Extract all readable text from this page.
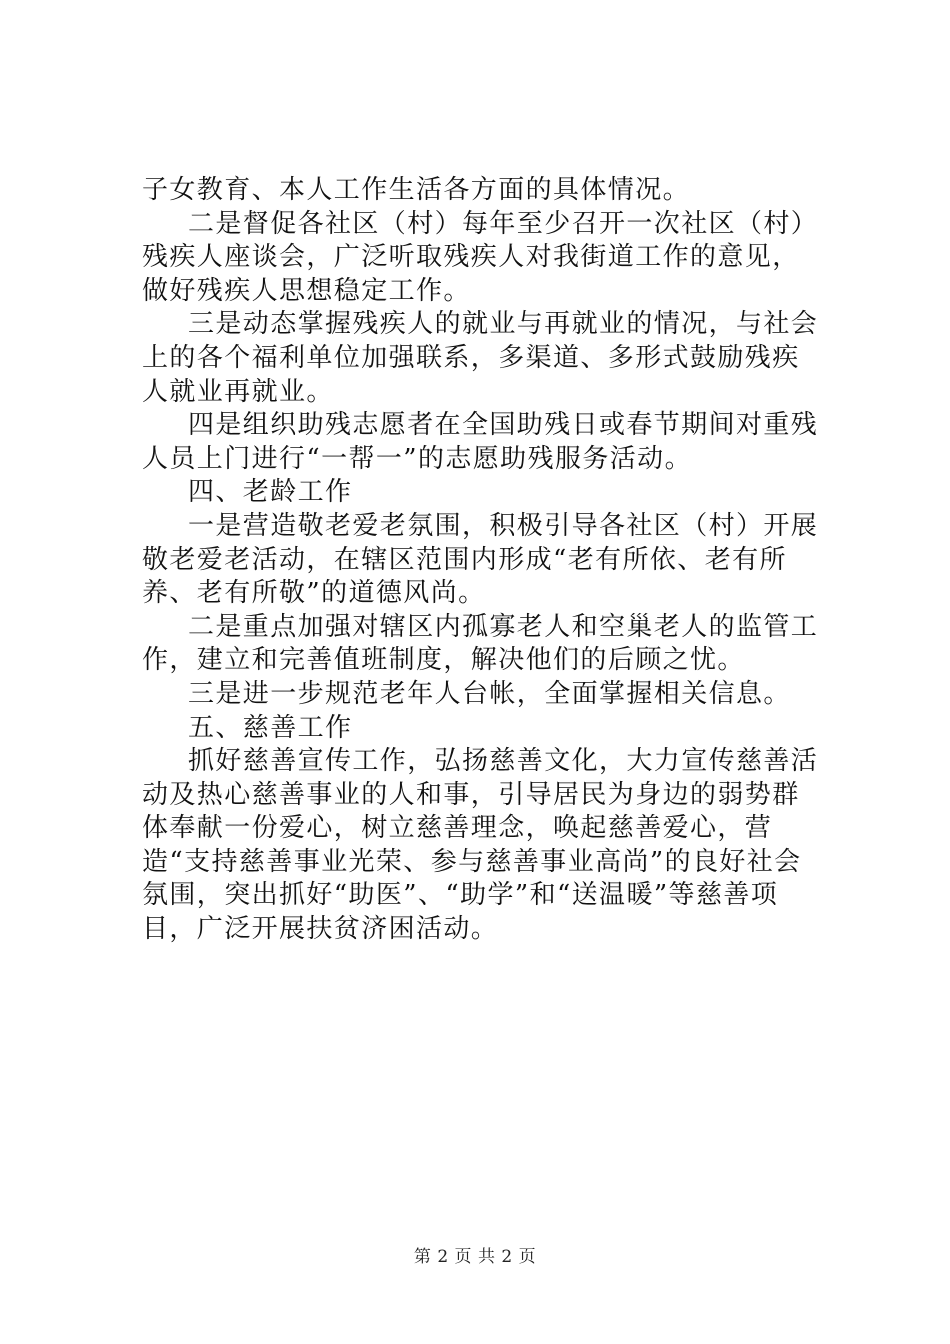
子女教育、本人工作生活各方面的具体情况。

二是督促各社区（村）每年至少召开一次社区（村）残疾人座谈会，广泛听取残疾人对我街道工作的意见，做好残疾人思想稳定工作。

三是动态掌握残疾人的就业与再就业的情况，与社会上的各个福利单位加强联系，多渠道、多形式鼓励残疾人就业再就业。

四是组织助残志愿者在全国助残日或春节期间对重残人员上门进行“一帮一”的志愿助残服务活动。

四、老龄工作

一是营造敬老爱老氛围，积极引导各社区（村）开展敬老爱老活动，在辖区范围内形成“老有所依、老有所养、老有所敬”的道德风尚。

二是重点加强对辖区内孤寡老人和空巢老人的监管工作，建立和完善值班制度，解决他们的后顾之忧。

三是进一步规范老年人台帐，全面掌握相关信息。

五、慈善工作

抓好慈善宣传工作，弘扬慈善文化，大力宣传慈善活动及热心慈善事业的人和事，引导居民为身边的弱势群体奉献一份爱心，树立慈善理念，唤起慈善爱心，营造“支持慈善事业光荣、参与慈善事业高尚”的良好社会氛围，突出抓好“助医”、“助学”和“送温暖”等慈善项目，广泛开展扶贫济困活动。

第 2 页 共 2 页
